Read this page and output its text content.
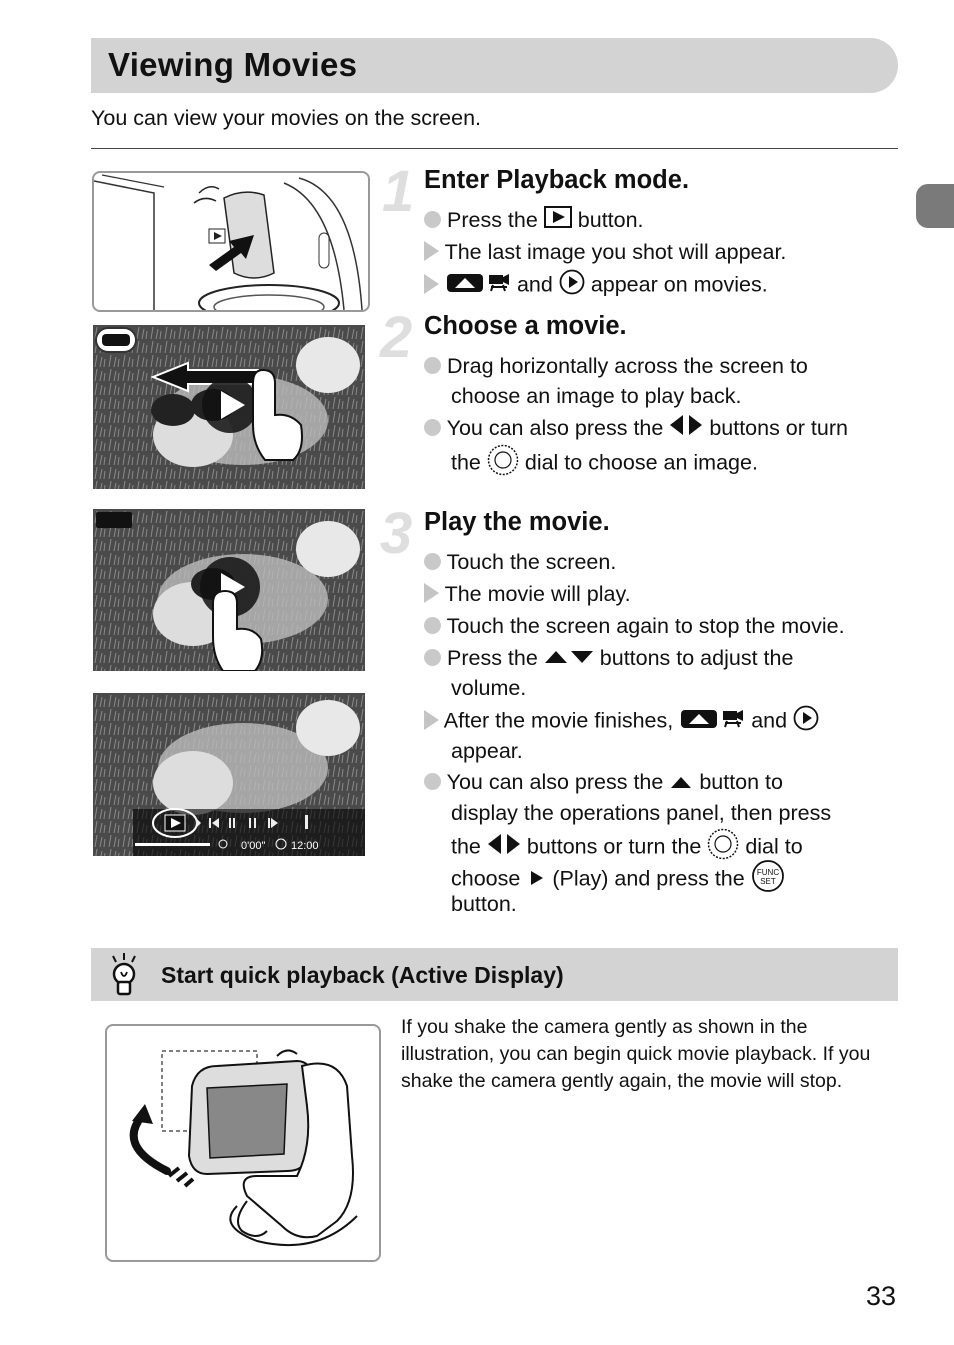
Viewing Movies
You can view your movies on the screen.
0'00" 12:00
1 Enter Playback mode.
Press the button.
The last image you shot will appear.
and appear on movies.
2 Choose a movie.
Drag horizontally across the screen to
choose an image to play back.
You can also press the buttons or turn
the dial to choose an image.
3 Play the movie.
Touch the screen.
The movie will play.
Touch the screen again to stop the movie.
Press the	buttons to adjust the
volume.
After the movie finishes,	and
appear.
You can also press the button to
display the operations panel, then press
the buttons or turn the dial to
choose (Play) and press the FUNC
SET
button.
Start quick playback (Active Display)
If you shake the camera gently as shown in the illustration, you can begin quick movie playback. If you shake the camera gently again, the movie will stop.
33
